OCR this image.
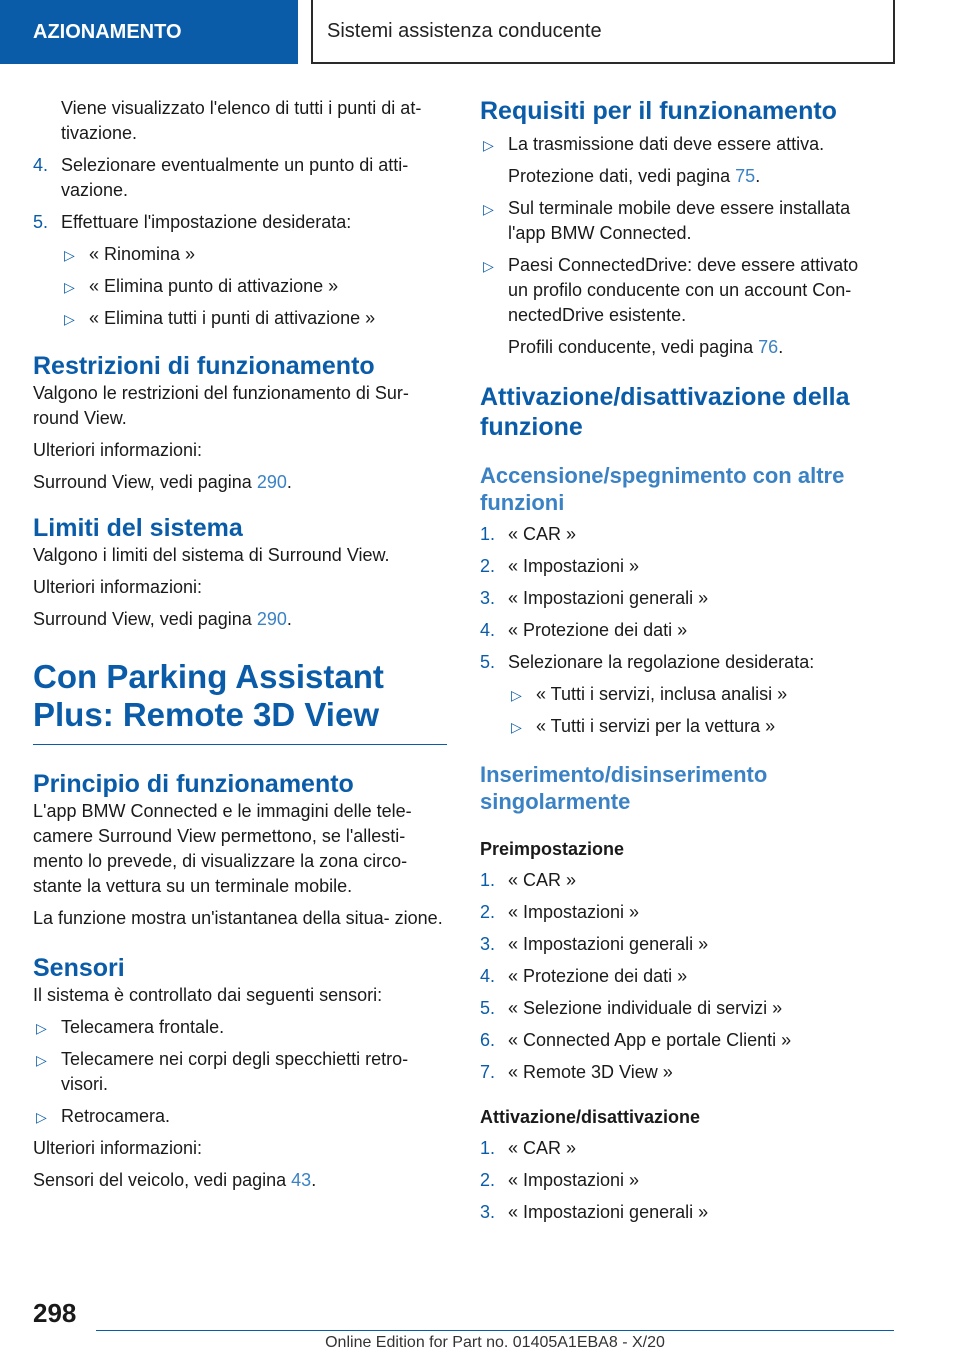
AZIONAMENTO	Sistemi assistenza conducente

Viene visualizzato l'elenco di tutti i punti di at- tivazione.

4. Selezionare eventualmente un punto di atti- vazione.
5. Effettuare l'impostazione desiderata:
▷ « Rinomina »
▷ « Elimina punto di attivazione »
▷ « Elimina tutti i punti di attivazione »
Restrizioni di funzionamento

Valgono le restrizioni del funzionamento di Sur- round View.

Ulteriori informazioni:

Surround View, vedi pagina 290.

Limiti del sistema

Valgono i limiti del sistema di Surround View.

Ulteriori informazioni:

Surround View, vedi pagina 290.

Con Parking Assistant Plus: Remote 3D View
Principio di funzionamento

L'app BMW Connected e le immagini delle tele- camere Surround View permettono, se l'allesti- mento lo prevede, di visualizzare la zona circo- stante la vettura su un terminale mobile.

La funzione mostra un'istantanea della situa- zione.

Sensori

Il sistema è controllato dai seguenti sensori:

▷ Telecamera frontale.
▷ Telecamere nei corpi degli specchietti retro- visori.
▷ Retrocamera.

Ulteriori informazioni:

Sensori del veicolo, vedi pagina 43.

Requisiti per il funzionamento
▷ La trasmissione dati deve essere attiva.

Protezione dati, vedi pagina 75.

▷ Sul terminale mobile deve essere installata l'app BMW Connected.
▷ Paesi ConnectedDrive: deve essere attivato un profilo conducente con un account Con- nectedDrive esistente.

Profili conducente, vedi pagina 76.

Attivazione/disattivazione della funzione
Accensione/spegnimento con altre funzioni
1. « CAR »
2. « Impostazioni »
3. « Impostazioni generali »
4. « Protezione dei dati »
5. Selezionare la regolazione desiderata:
▷ « Tutti i servizi, inclusa analisi »
▷ « Tutti i servizi per la vettura »
Inserimento/disinserimento singolarmente
Preimpostazione
1. « CAR »
2. « Impostazioni »
3. « Impostazioni generali »
4. « Protezione dei dati »
5. « Selezione individuale di servizi »
6. « Connected App e portale Clienti »
7. « Remote 3D View »
Attivazione/disattivazione
1. « CAR »
2. « Impostazioni »
3. « Impostazioni generali »
298
Online Edition for Part no. 01405A1EBA8 - X/20
